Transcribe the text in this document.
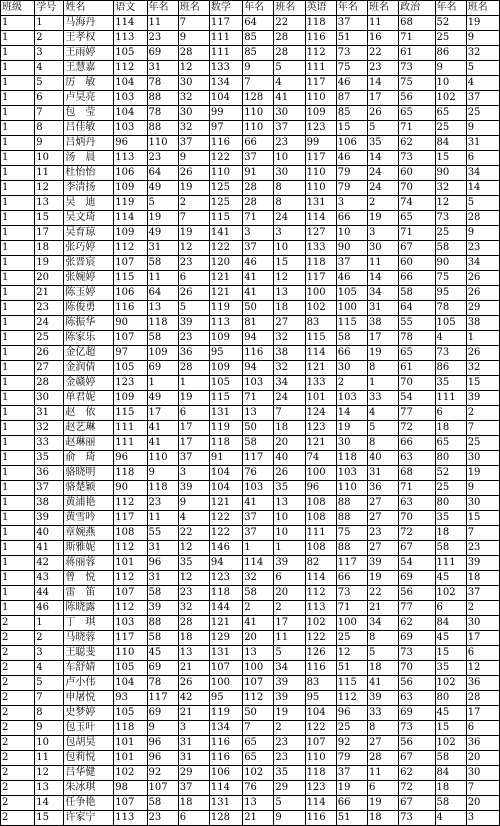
班级	学号	姓名	语文	年名	班名	数学	年名	班名	英语	年名	班名	政治	年名	班名
1	1	马海丹	114	11	7	117	64	22	118	37	11	68	52	19
1	2	王孝权	113	23	9	111	85	28	116	51	16	71	25	9
1	3	王雨婷	105	69	28	111	85	28	112	73	22	61	86	32
1	4	王慧嘉	112	31	12	133	9	5	111	75	23	73	9	5
1	5	厉　敏	104	78	30	134	7	4	117	46	14	75	10	4
1	6	卢昊亮	103	88	32	104	128	41	110	87	17	56	102	37
1	7	包　莹	104	78	30	99	110	30	109	85	26	65	65	25
1	8	吕佳敏	103	88	32	97	110	37	123	15	5	71	25	9
1	9	吕炳丹	96	110	37	116	66	23	99	106	35	62	84	31
1	10	汤　晨	113	23	9	122	37	10	117	46	14	73	15	6
1	11	杜怡怡	106	64	26	110	91	30	110	79	24	60	90	34
1	12	李清扬	109	49	19	125	28	8	110	79	24	70	32	14
1	13	吴　迪	119	5	2	125	28	8	131	3	2	74	12	5
1	15	吴文琦	114	19	7	115	71	24	114	66	19	65	73	28
1	17	吴育琼	109	49	19	141	3	3	127	10	3	71	25	9
1	18	张巧婷	112	31	12	122	37	10	133	90	30	67	58	23
1	19	张晋宸	107	58	23	120	46	15	118	37	11	60	90	34
1	20	张婉婷	115	11	6	121	41	12	117	46	14	66	75	26
1	21	陈玉婷	106	64	26	121	41	13	100	105	34	58	95	26
1	23	陈俊勇	116	13	5	119	50	18	102	100	31	64	78	29
1	24	陈振华	90	118	39	113	81	27	83	115	38	55	105	38
1	25	陈家乐	107	58	23	109	94	32	115	58	17	78	4	1
1	26	金亿超	97	109	36	95	116	38	114	66	19	65	73	26
1	27	金润倩	105	69	28	109	94	32	121	30	8	61	86	32
1	28	金赣婷	123	1	1	105	103	34	133	2	1	70	35	15
1	30	单君妮	109	49	19	115	71	24	101	103	33	54	111	39
1	31	赵　依	115	17	6	131	13	7	124	14	4	77	6	2
1	32	赵艺琳	111	41	17	119	50	18	123	19	5	72	18	7
1	33	赵琳丽	111	41	17	118	58	20	121	30	8	66	65	25
1	35	俞　琦	96	110	37	91	117	40	74	118	40	63	80	30
1	36	骆晓明	118	9	3	104	76	26	100	103	31	68	52	19
1	37	骆楚颖	90	118	39	104	103	35	96	110	36	71	25	9
1	38	黄浦艳	112	23	9	121	41	13	108	88	27	63	80	30
1	39	黄雪吟	117	11	4	122	37	10	108	88	27	70	35	15
1	40	章婉燕	108	55	22	122	37	10	111	75	23	72	18	7
1	41	斯雅妮	112	31	12	146	1	1	108	88	27	67	58	23
1	42	蒋丽蓉	101	96	35	94	114	39	82	117	39	54	111	39
1	43	曾　悦	112	31	12	123	32	6	114	66	19	69	45	18
1	44	雷　笛	107	58	23	118	58	20	112	73	22	56	102	37
1	46	陈晓露	112	39	32	144	2	2	113	71	21	77	6	2
2	1	丁　琪	103	88	28	121	41	17	102	100	34	62	84	30
2	2	马晓蓉	117	58	18	129	20	11	122	25	8	69	45	17
2	3	王聪斐	110	45	13	131	13	5	126	12	5	73	15	6
2	4	车舒婧	105	69	21	107	100	34	116	51	18	70	35	12
2	5	卢小伟	104	78	26	100	107	39	83	115	41	56	102	36
2	7	申屠悦	93	117	42	95	112	39	95	112	39	63	80	28
2	8	史梦婷	105	69	21	119	50	19	104	96	33	69	45	17
2	9	包玉叶	118	9	3	134	7	2	122	25	8	73	15	6
2	10	包胡昊	101	96	31	116	65	23	107	92	27	56	102	36
2	11	包莉悦	101	96	31	116	65	23	110	79	28	67	58	20
2	12	吕华健	102	92	29	106	102	35	118	37	11	62	84	30
2	13	朱冰琪	98	107	37	114	76	29	123	19	6	72	18	7
2	14	任争艳	107	58	18	131	13	5	114	66	19	67	58	20
2	15	许家宁	113	23	6	128	21	9	116	51	18	73	4	3
